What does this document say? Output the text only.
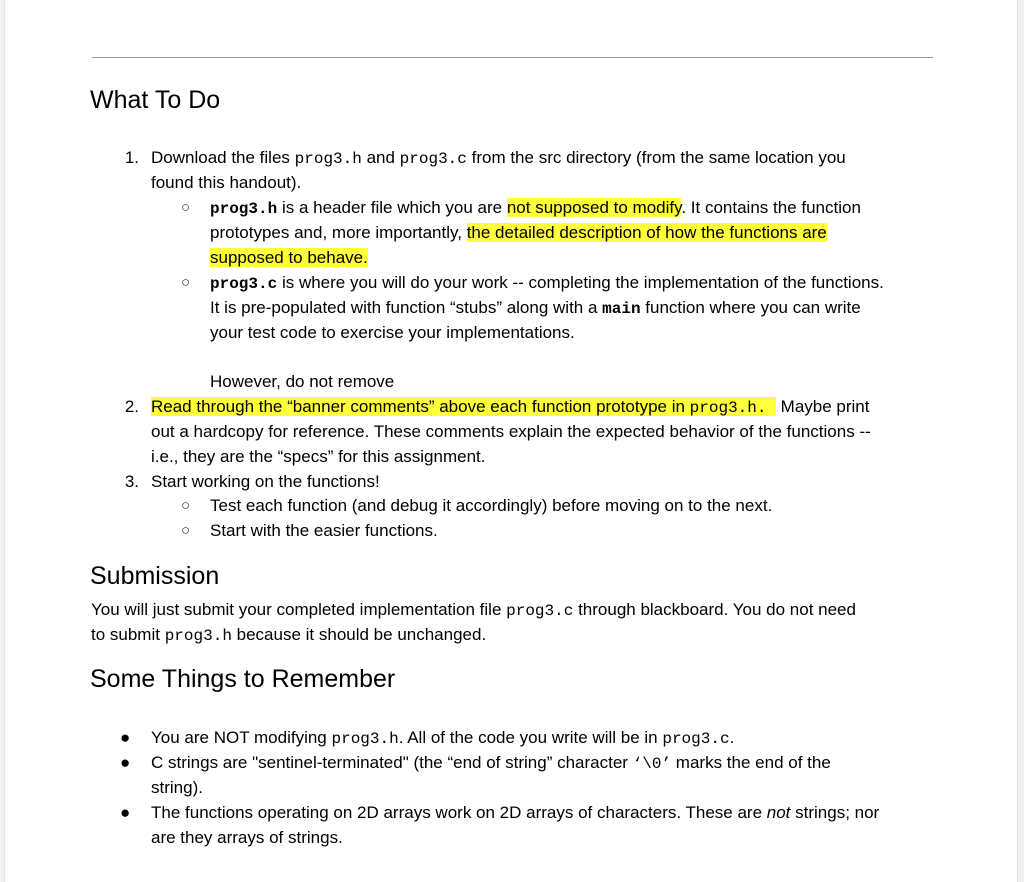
What To Do
1. Download the files prog3.h and prog3.c from the src directory (from the same location you
found this handout).
○ prog3.h is a header file which you are not supposed to modify. It contains the function
prototypes and, more importantly, the detailed description of how the functions are
supposed to behave.
○ prog3.c is where you will do your work -- completing the implementation of the functions.
It is pre-populated with function “stubs” along with a main function where you can write
your test code to exercise your implementations.
However, do not remove
2. Read through the “banner comments” above each function prototype in prog3.h.   Maybe print
out a hardcopy for reference. These comments explain the expected behavior of the functions --
i.e., they are the “specs” for this assignment.
3. Start working on the functions!
○ Test each function (and debug it accordingly) before moving on to the next.
○ Start with the easier functions.
Submission
You will just submit your completed implementation file prog3.c through blackboard. You do not need
to submit prog3.h because it should be unchanged.
Some Things to Remember
● You are NOT modifying prog3.h. All of the code you write will be in prog3.c.
● C strings are "sentinel-terminated" (the “end of string” character ‘\0’ marks the end of the
string).
● The functions operating on 2D arrays work on 2D arrays of characters. These are not strings; nor
are they arrays of strings.
